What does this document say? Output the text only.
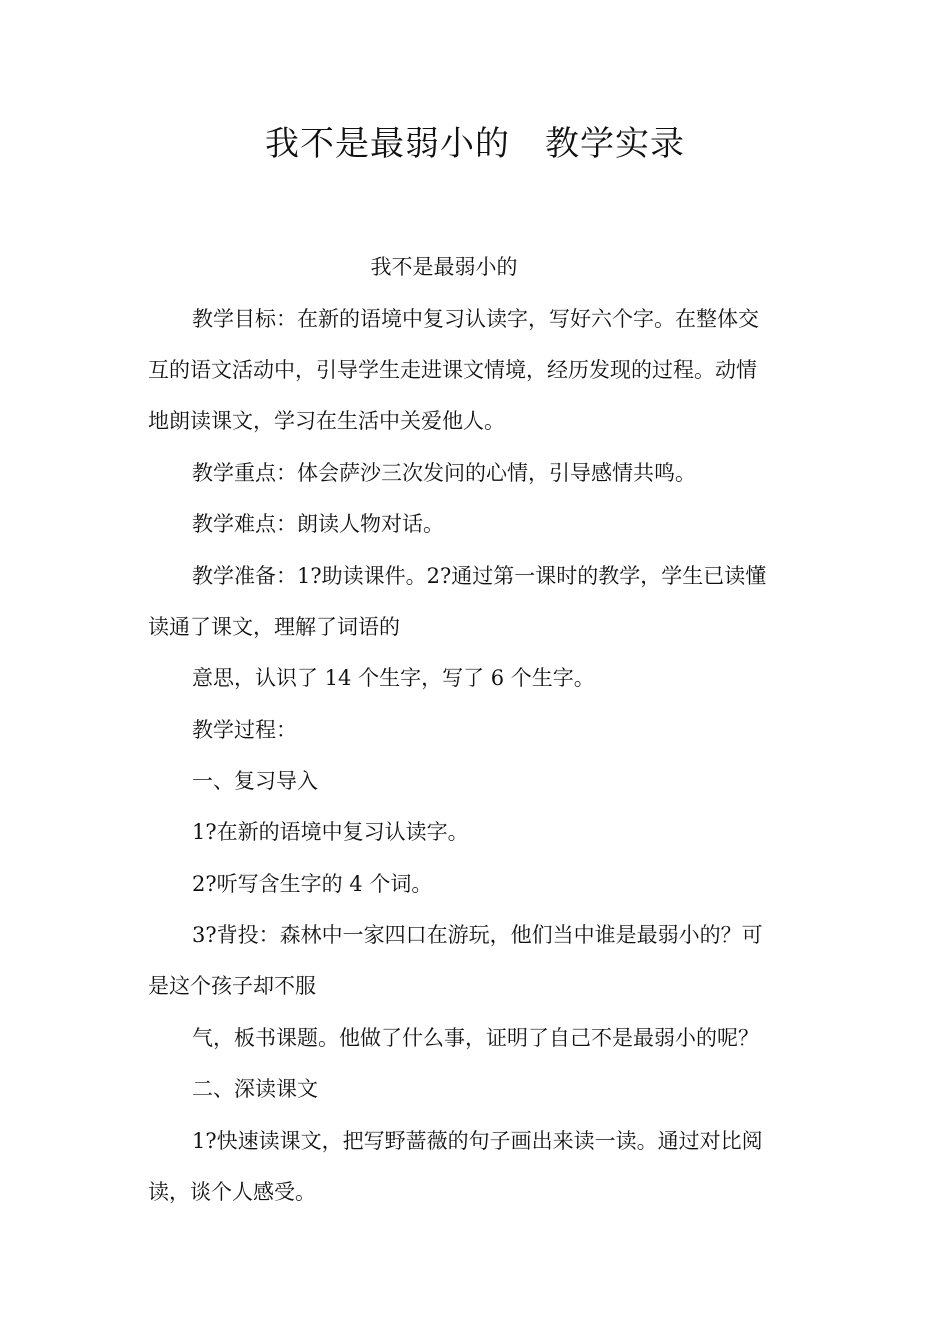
我不是最弱小的　教学实录
我不是最弱小的
教学目标：在新的语境中复习认读字，写好六个字。在整体交
互的语文活动中，引导学生走进课文情境，经历发现的过程。动情
地朗读课文，学习在生活中关爱他人。
教学重点：体会萨沙三次发问的心情，引导感情共鸣。
教学难点：朗读人物对话。
教学准备：1?助读课件。2?通过第一课时的教学，学生已读懂
读通了课文，理解了词语的
意思，认识了 14 个生字，写了 6 个生字。
教学过程：
一、复习导入
1?在新的语境中复习认读字。
2?听写含生字的 4 个词。
3?背投：森林中一家四口在游玩，他们当中谁是最弱小的？可
是这个孩子却不服
气，板书课题。他做了什么事，证明了自己不是最弱小的呢？
二、深读课文
1?快速读课文，把写野蔷薇的句子画出来读一读。通过对比阅
读，谈个人感受。
